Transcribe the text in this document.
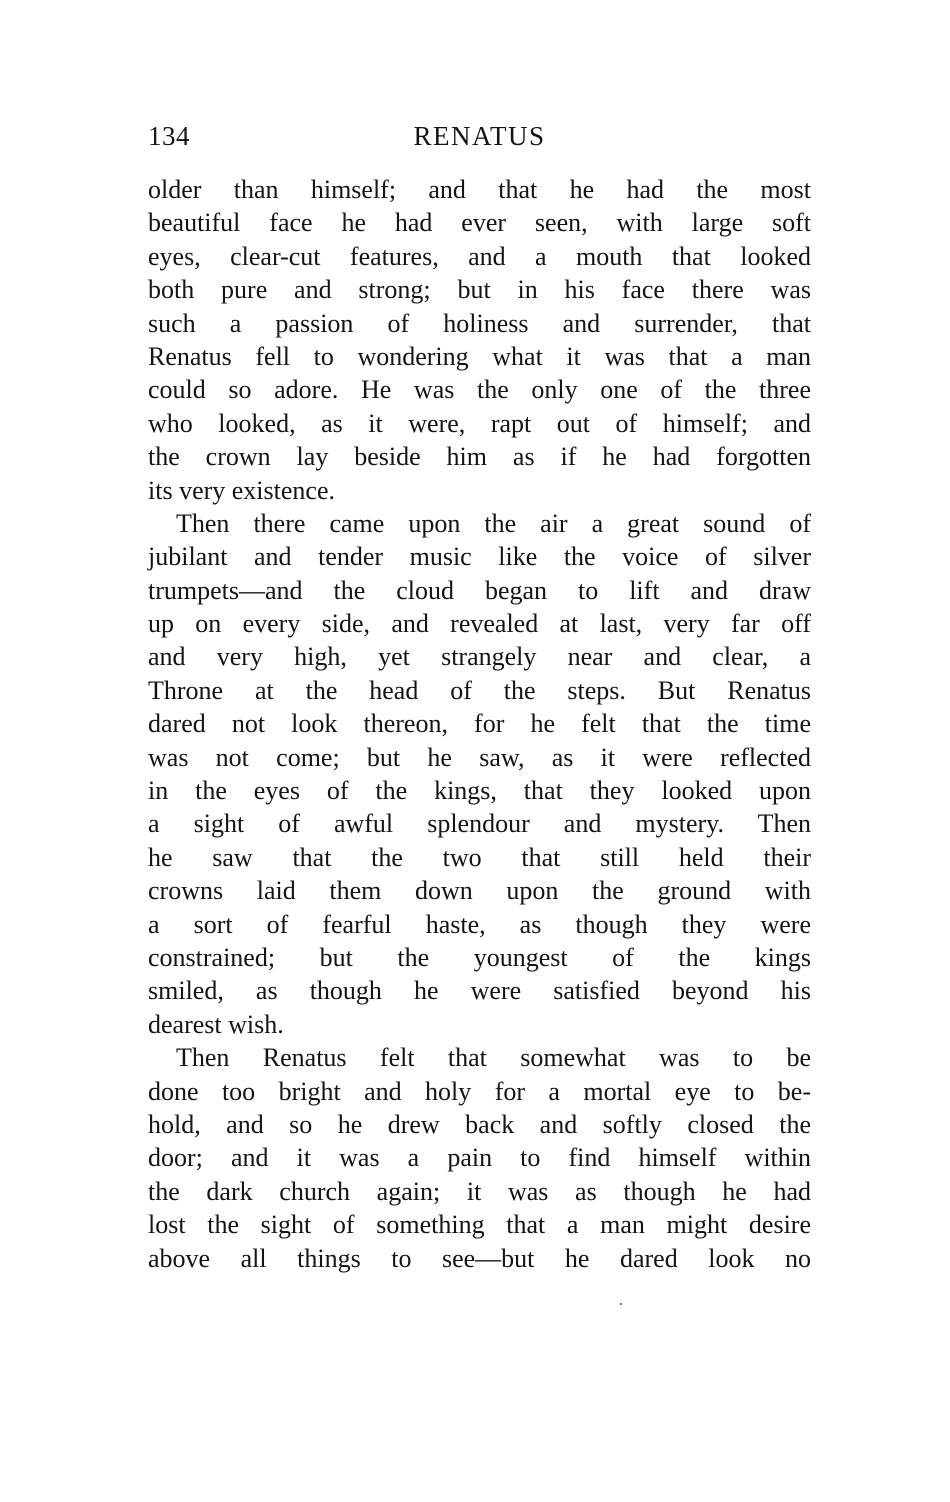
134	RENATUS
older than himself; and that he had the most
beautiful face he had ever seen, with large soft
eyes, clear-cut features, and a mouth that looked
both pure and strong; but in his face there was
such a passion of holiness and surrender, that
Renatus fell to wondering what it was that a man
could so adore. He was the only one of the three
who looked, as it were, rapt out of himself; and
the crown lay beside him as if he had forgotten
its very existence.
Then there came upon the air a great sound of
jubilant and tender music like the voice of silver
trumpets—and the cloud began to lift and draw
up on every side, and revealed at last, very far off
and very high, yet strangely near and clear, a
Throne at the head of the steps. But Renatus
dared not look thereon, for he felt that the time
was not come; but he saw, as it were reflected
in the eyes of the kings, that they looked upon
a sight of awful splendour and mystery. Then
he saw that the two that still held their
crowns laid them down upon the ground with
a sort of fearful haste, as though they were
constrained; but the youngest of the kings
smiled, as though he were satisfied beyond his
dearest wish.
Then Renatus felt that somewhat was to be
done too bright and holy for a mortal eye to be-
hold, and so he drew back and softly closed the
door; and it was a pain to find himself within
the dark church again; it was as though he had
lost the sight of something that a man might desire
above all things to see—but he dared look no
